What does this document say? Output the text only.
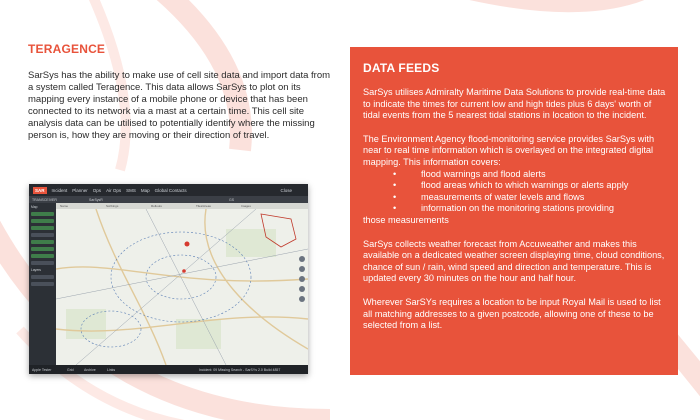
TERAGENCE
SarSys has the ability to make use of cell site data and import data from a system called Teragence. This data allows SarSys to plot on its mapping every instance of a mobile phone or device that has been connected to its network via a mast at a certain time. This cell site analysis data can be utilised to potentially identify where the missing person is, how they are moving or their direction of travel.
SAR	Incident Planner Ops Air Ops SMS Map Global Contacts	Close
TRANSCEIVER	SarSysR	GS
Map
Layers
Name	Scribings	Rollouts	Tiles/Areas	Images
Apple Tester	Grid	Archive	Links	Incident: 09 Missing Search - SarSYs 2.0 Build 4857
DATA FEEDS

SarSys utilises Admiralty Maritime Data Solutions to provide real-time data to indicate the times for current low and high tides plus 6 days' worth of tidal events from the 5 nearest tidal stations in location to the incident.

The Environment Agency flood-monitoring service provides SarSys with near to real time information which is overlayed on the integrated digital mapping. This information covers:
•	flood warnings and flood alerts
•	flood areas which to which warnings or alerts apply
•	measurements of water levels and flows
•	information on the monitoring stations providing
those measurements

SarSys collects weather forecast from Accuweather and makes this available on a dedicated weather screen displaying time, cloud conditions, chance of sun / rain, wind speed and direction and temperature. This is updated every 30 minutes on the hour and half hour.

Wherever SarSYs requires a location to be input Royal Mail is used to list all matching addresses to a given postcode, allowing one of these to be selected from a list.
